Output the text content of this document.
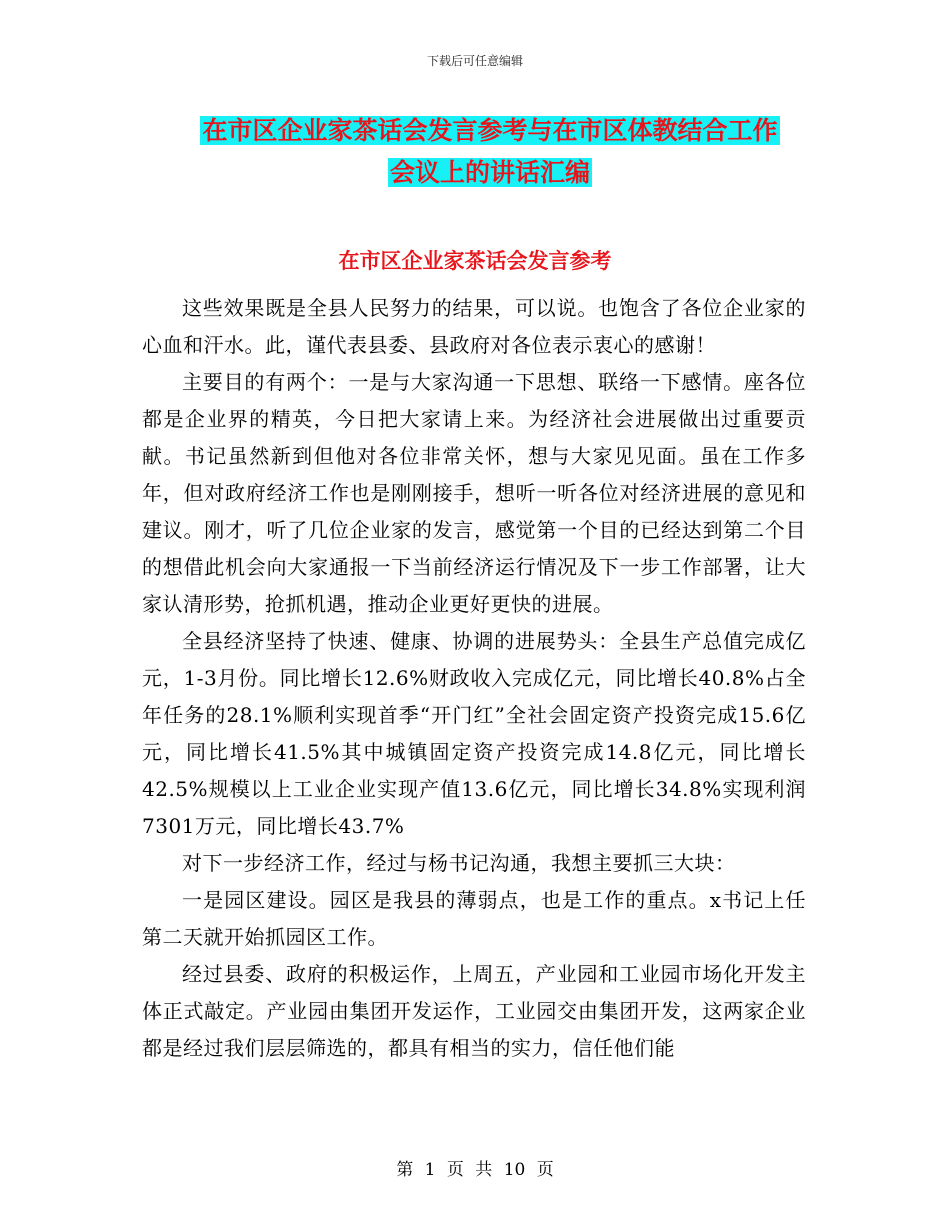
下载后可任意编辑
在市区企业家茶话会发言参考与在市区体教结合工作
会议上的讲话汇编
在市区企业家茶话会发言参考

这些效果既是全县人民努力的结果，可以说。也饱含了各位企业家的心血和汗水。此，谨代表县委、县政府对各位表示衷心的感谢！

主要目的有两个：一是与大家沟通一下思想、联络一下感情。座各位都是企业界的精英，今日把大家请上来。为经济社会进展做出过重要贡献。书记虽然新到但他对各位非常关怀，想与大家见见面。虽在工作多年，但对政府经济工作也是刚刚接手，想听一听各位对经济进展的意见和建议。刚才，听了几位企业家的发言，感觉第一个目的已经达到第二个目的想借此机会向大家通报一下当前经济运行情况及下一步工作部署，让大家认清形势，抢抓机遇，推动企业更好更快的进展。

全县经济坚持了快速、健康、协调的进展势头：全县生产总值完成亿元，1-3月份。同比增长12.6%财政收入完成亿元，同比增长40.8%占全年任务的28.1%顺利实现首季“开门红”全社会固定资产投资完成15.6亿元，同比增长41.5%其中城镇固定资产投资完成14.8亿元，同比增长42.5%规模以上工业企业实现产值13.6亿元，同比增长34.8%实现利润7301万元，同比增长43.7%

对下一步经济工作，经过与杨书记沟通，我想主要抓三大块：

一是园区建设。园区是我县的薄弱点，也是工作的重点。x书记上任第二天就开始抓园区工作。

经过县委、政府的积极运作，上周五，产业园和工业园市场化开发主体正式敲定。产业园由集团开发运作，工业园交由集团开发，这两家企业都是经过我们层层筛选的，都具有相当的实力，信任他们能

第 1 页 共 10 页
